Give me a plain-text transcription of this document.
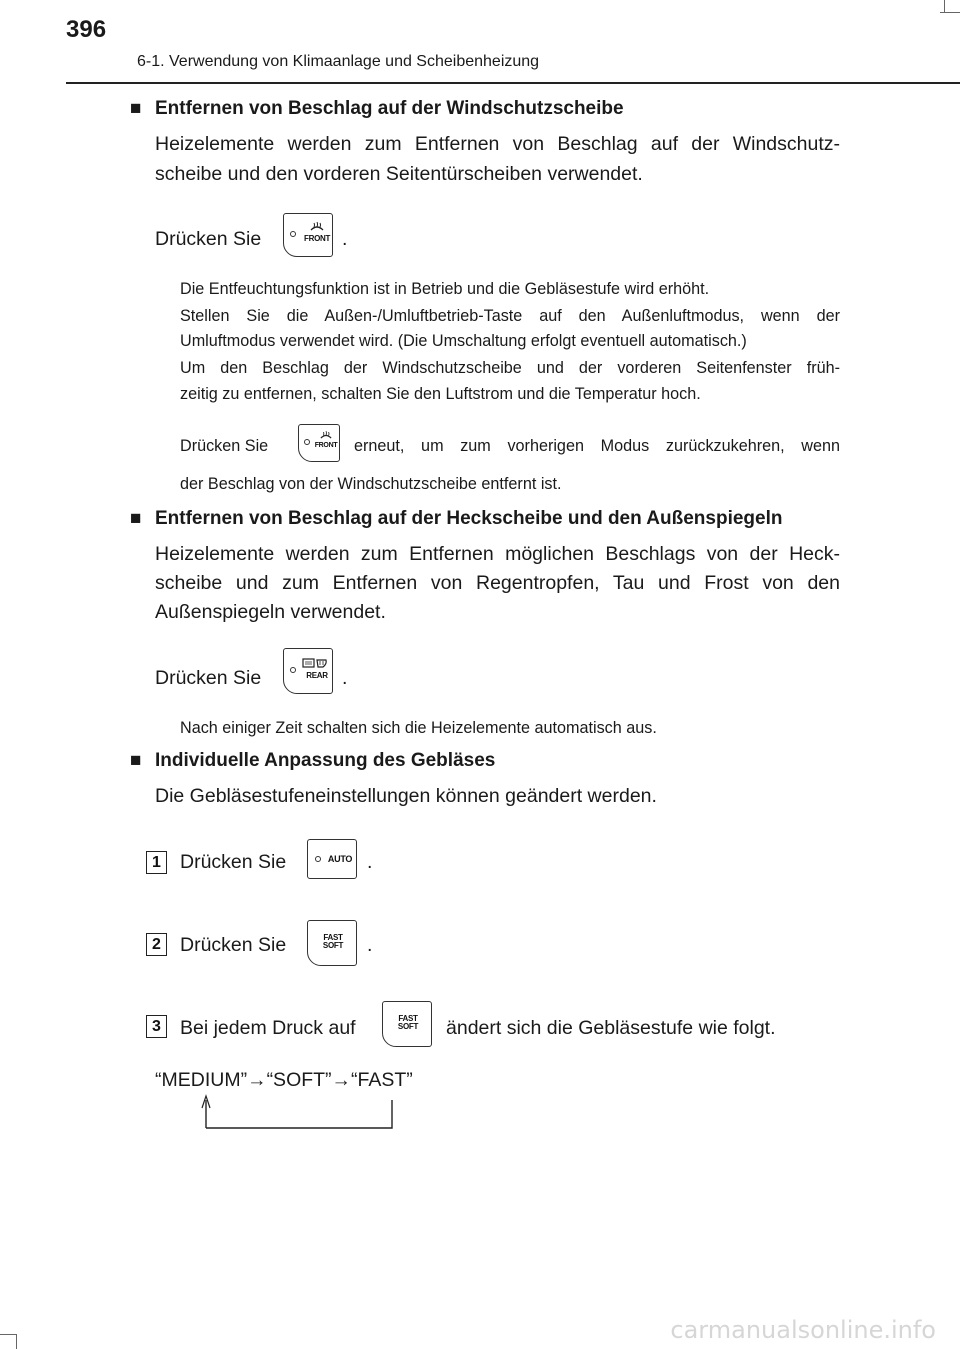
396
6-1. Verwendung von Klimaanlage und Scheibenheizung
■ Entfernen von Beschlag auf der Windschutzscheibe
Heizelemente werden zum Entfernen von Beschlag auf der Windschutz-
scheibe und den vorderen Seitentürscheiben verwendet.
Drücken Sie	FRONT .
Die Entfeuchtungsfunktion ist in Betrieb und die Gebläsestufe wird erhöht.
Stellen Sie die Außen-/Umluftbetrieb-Taste auf den Außenluftmodus, wenn der
Umluftmodus verwendet wird. (Die Umschaltung erfolgt eventuell automatisch.)
Um den Beschlag der Windschutzscheibe und der vorderen Seitenfenster früh-
zeitig zu entfernen, schalten Sie den Luftstrom und die Temperatur hoch.
Drücken Sie	FRONT erneut, um zum vorherigen Modus zurückzukehren, wenn
der Beschlag von der Windschutzscheibe entfernt ist.
■ Entfernen von Beschlag auf der Heckscheibe und den Außenspiegeln
Heizelemente werden zum Entfernen möglichen Beschlags von der Heck-
scheibe und zum Entfernen von Regentropfen, Tau und Frost von den
Außenspiegeln verwendet.
Drücken Sie	REAR .
Nach einiger Zeit schalten sich die Heizelemente automatisch aus.
■ Individuelle Anpassung des Gebläses
Die Gebläsestufeneinstellungen können geändert werden.
1 Drücken Sie	AUTO .
2 Drücken Sie	FAST
SOFT .
3 Bei jedem Druck auf	FAST
SOFT ändert sich die Gebläsestufe wie folgt.
“MEDIUM”→“SOFT”→“FAST”
carmanualsonline.info
